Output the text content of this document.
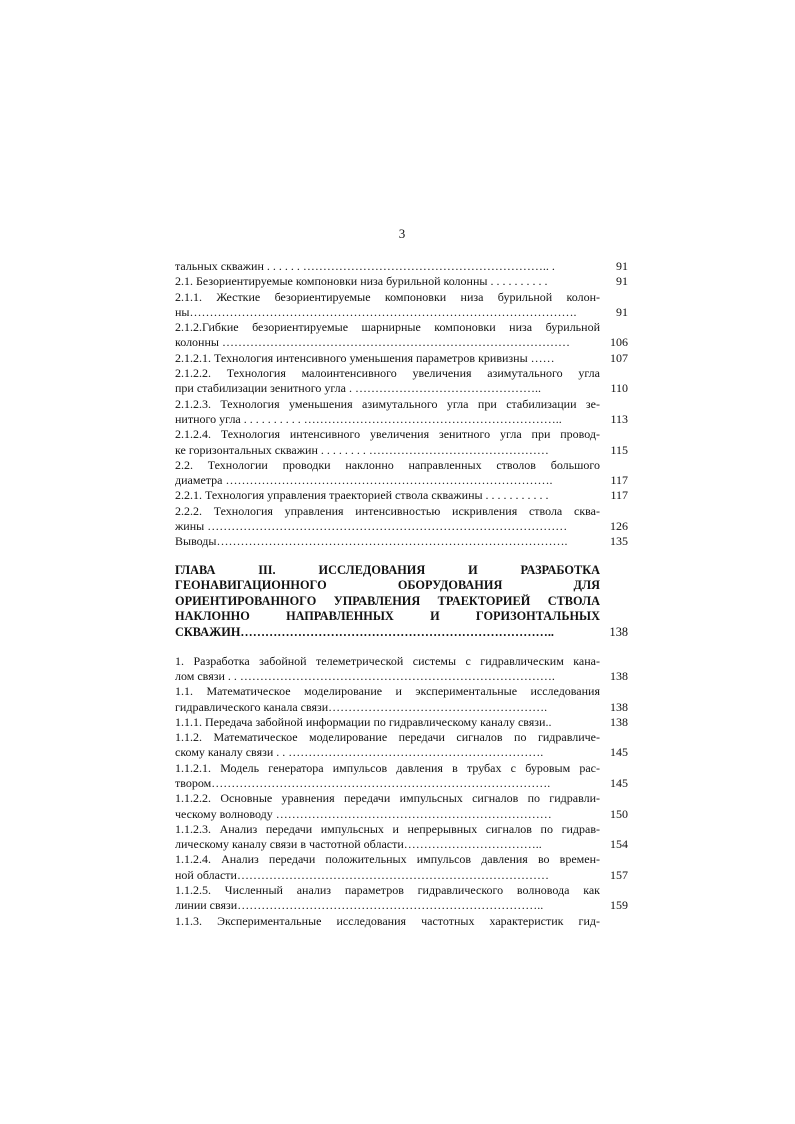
3
тальных скважин . . . . . . …………………………………………………….. .	91
2.1. Безориентируемые компоновки низа бурильной колонны . . . . . . . . . .	91
2.1.1. Жесткие безориентируемые компоновки низа бурильной колон-
ны…………………………………………………………………………………….	91
2.1.2.Гибкие безориентируемые шарнирные компоновки низа бурильной
колонны ……………………………………………………………………………	106
2.1.2.1. Технология интенсивного уменьшения параметров кривизны ……	107
2.1.2.2. Технология малоинтенсивного увеличения азимутального угла
при стабилизации зенитного угла . ………………………………………..	110
2.1.2.3. Технология уменьшения азимутального угла при стабилизации зе-
нитного угла . . . . . . . . . . ………………………………………………………..	113
2.1.2.4. Технология интенсивного увеличения зенитного угла при провод-
ке горизонтальных скважин . . . . . . . . ………………………………………	115
2.2. Технологии проводки наклонно направленных стволов большого
диаметра ……………………………………………………………………….	117
2.2.1. Технология управления траекторией ствола скважины . . . . . . . . . . .	117
2.2.2. Технология управления интенсивностью искривления ствола сква-
жины ………………………………………………………………………………	126
Выводы…………………………………………………………………………….	135
ГЛАВА III. ИССЛЕДОВАНИЯ И РАЗРАБОТКА
ГЕОНАВИГАЦИОННОГО ОБОРУДОВАНИЯ ДЛЯ
ОРИЕНТИРОВАННОГО УПРАВЛЕНИЯ ТРАЕКТОРИЕЙ СТВОЛА
НАКЛОННО НАПРАВЛЕННЫХ И ГОРИЗОНТАЛЬНЫХ
СКВАЖИН…………………………………………………………………..	138
1. Разработка забойной телеметрической системы с гидравлическим кана-
лом связи . . …………………………………………………………………….	138
1.1. Математическое моделирование и экспериментальные исследования
гидравлического канала связи……………………………………………….	138
1.1.1. Передача забойной информации по гидравлическому каналу связи..	138
1.1.2. Математическое моделирование передачи сигналов по гидравличе-
скому каналу связи . . ……………………………………………………….	145
1.1.2.1. Модель генератора импульсов давления в трубах с буровым рас-
твором………………………………………………………………………….	145
1.1.2.2. Основные уравнения передачи импульсных сигналов по гидравли-
ческому волноводу ……………………………………………………………	150
1.1.2.3. Анализ передачи импульсных и непрерывных сигналов по гидрав-
лическому каналу связи в частотной области……………………………..	154
1.1.2.4. Анализ передачи положительных импульсов давления во времен-
ной области……………………………………………………………………	157
1.1.2.5. Численный анализ параметров гидравлического волновода как
линии связи…………………………………………………………………..	159
1.1.3. Экспериментальные исследования частотных характеристик гид-
